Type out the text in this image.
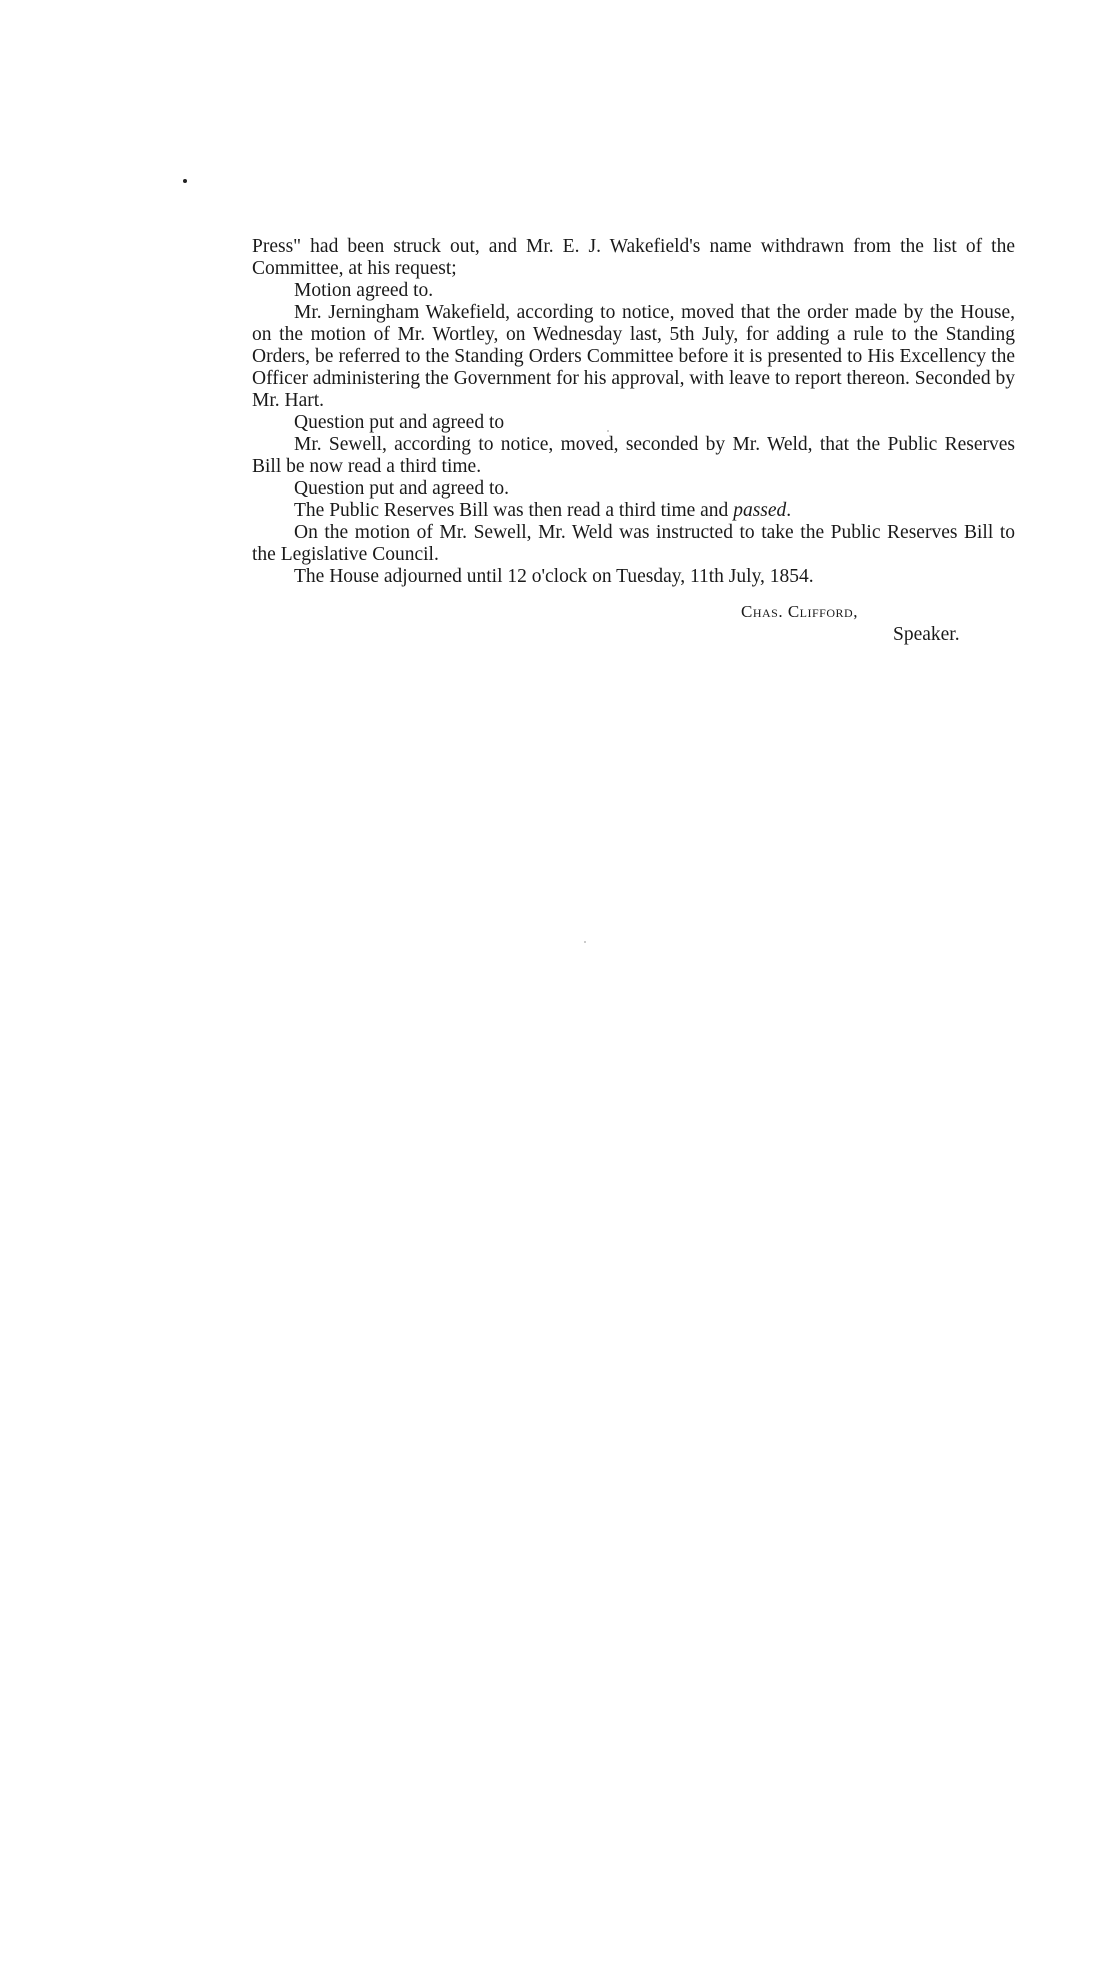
Press" had been struck out, and Mr. E. J. Wakefield's name withdrawn from the list of the Committee, at his request;

Motion agreed to.

Mr. Jerningham Wakefield, according to notice, moved that the order made by the House, on the motion of Mr. Wortley, on Wednesday last, 5th July, for adding a rule to the Standing Orders, be referred to the Standing Orders Committee before it is presented to His Excellency the Officer administering the Government for his approval, with leave to report thereon. Seconded by Mr. Hart.

Question put and agreed to

Mr. Sewell, according to notice, moved, seconded by Mr. Weld, that the Public Reserves Bill be now read a third time.

Question put and agreed to.

The Public Reserves Bill was then read a third time and passed.

On the motion of Mr. Sewell, Mr. Weld was instructed to take the Public Reserves Bill to the Legislative Council.

The House adjourned until 12 o'clock on Tuesday, 11th July, 1854.

Chas. Clifford,
Speaker.
